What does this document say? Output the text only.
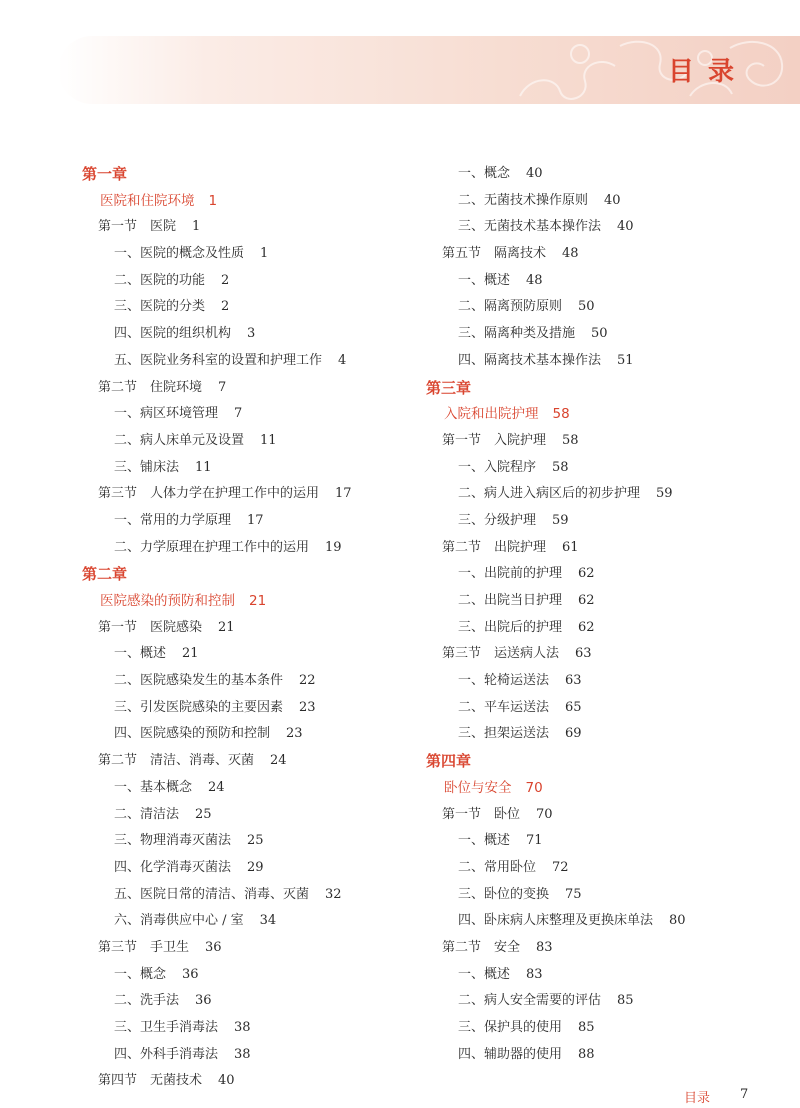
目录
第一章
医院和住院环境 1
第一节　医院 1
一、医院的概念及性质 1
二、医院的功能 2
三、医院的分类 2
四、医院的组织机构 3
五、医院业务科室的设置和护理工作 4
第二节　住院环境 7
一、病区环境管理 7
二、病人床单元及设置 11
三、铺床法 11
第三节　人体力学在护理工作中的运用 17
一、常用的力学原理 17
二、力学原理在护理工作中的运用 19
第二章
医院感染的预防和控制 21
第一节　医院感染 21
一、概述 21
二、医院感染发生的基本条件 22
三、引发医院感染的主要因素 23
四、医院感染的预防和控制 23
第二节　清洁、消毒、灭菌 24
一、基本概念 24
二、清洁法 25
三、物理消毒灭菌法 25
四、化学消毒灭菌法 29
五、医院日常的清洁、消毒、灭菌 32
六、消毒供应中心 / 室 34
第三节　手卫生 36
一、概念 36
二、洗手法 36
三、卫生手消毒法 38
四、外科手消毒法 38
第四节　无菌技术 40
一、概念 40
二、无菌技术操作原则 40
三、无菌技术基本操作法 40
第五节　隔离技术 48
一、概述 48
二、隔离预防原则 50
三、隔离种类及措施 50
四、隔离技术基本操作法 51
第三章
入院和出院护理 58
第一节　入院护理 58
一、入院程序 58
二、病人进入病区后的初步护理 59
三、分级护理 59
第二节　出院护理 61
一、出院前的护理 62
二、出院当日护理 62
三、出院后的护理 62
第三节　运送病人法 63
一、轮椅运送法 63
二、平车运送法 65
三、担架运送法 69
第四章
卧位与安全 70
第一节　卧位 70
一、概述 71
二、常用卧位 72
三、卧位的变换 75
四、卧床病人床整理及更换床单法 80
第二节　安全 83
一、概述 83
二、病人安全需要的评估 85
三、保护具的使用 85
四、辅助器的使用 88
目录 7
